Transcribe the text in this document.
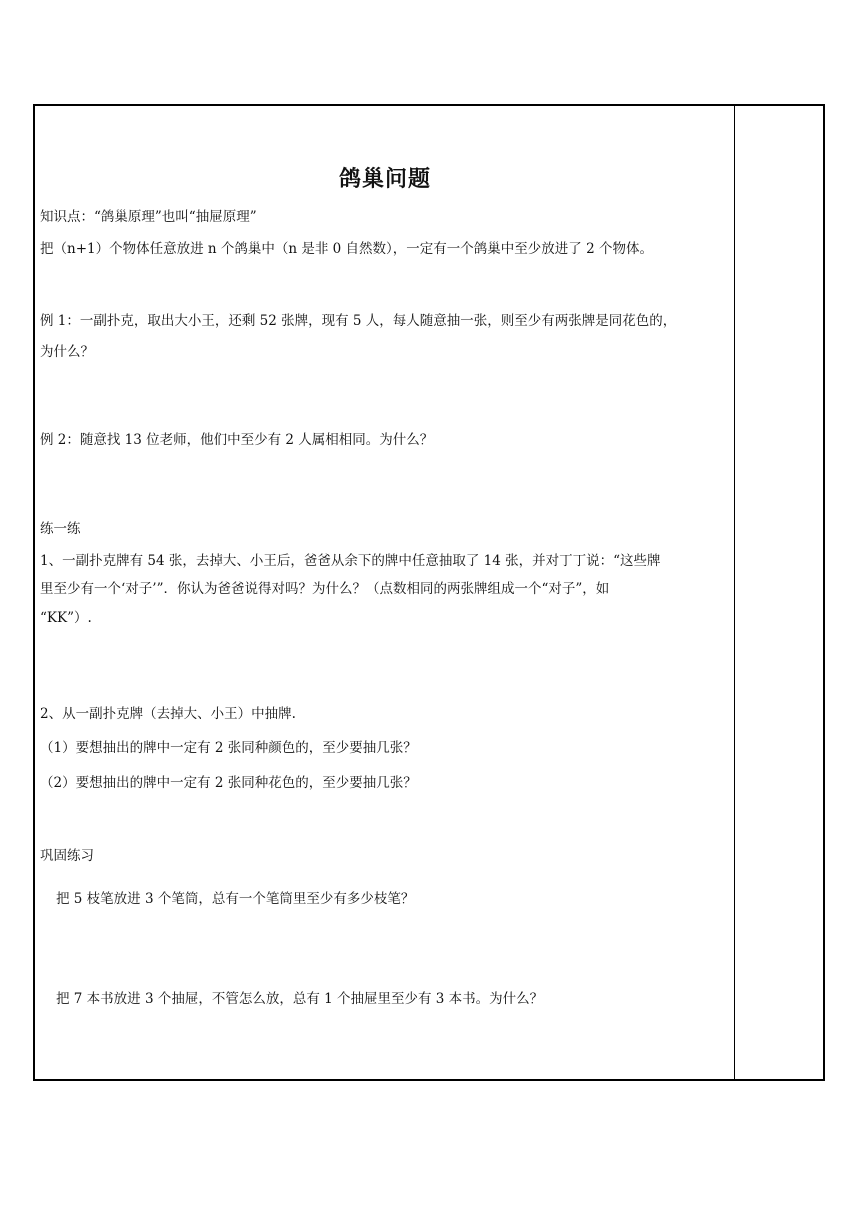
鸽巢问题
知识点：“鸽巢原理”也叫“抽屉原理”
把（n+1）个物体任意放进 n 个鸽巢中（n 是非 0 自然数），一定有一个鸽巢中至少放进了 2 个物体。
例 1：一副扑克，取出大小王，还剩 52 张牌，现有 5 人，每人随意抽一张，则至少有两张牌是同花色的，
为什么？
例 2：随意找 13 位老师，他们中至少有 2 人属相相同。为什么？
练一练
1、一副扑克牌有 54 张，去掉大、小王后，爸爸从余下的牌中任意抽取了 14 张，并对丁丁说：“这些牌
里至少有一个‘对子’”．你认为爸爸说得对吗？为什么？（点数相同的两张牌组成一个“对子”，如
“KK”）.
2、从一副扑克牌（去掉大、小王）中抽牌.
（1）要想抽出的牌中一定有 2 张同种颜色的，至少要抽几张？
（2）要想抽出的牌中一定有 2 张同种花色的，至少要抽几张？
巩固练习
把 5 枝笔放进 3 个笔筒，总有一个笔筒里至少有多少枝笔？
把 7 本书放进 3 个抽屉，不管怎么放，总有 1 个抽屉里至少有 3 本书。为什么？
